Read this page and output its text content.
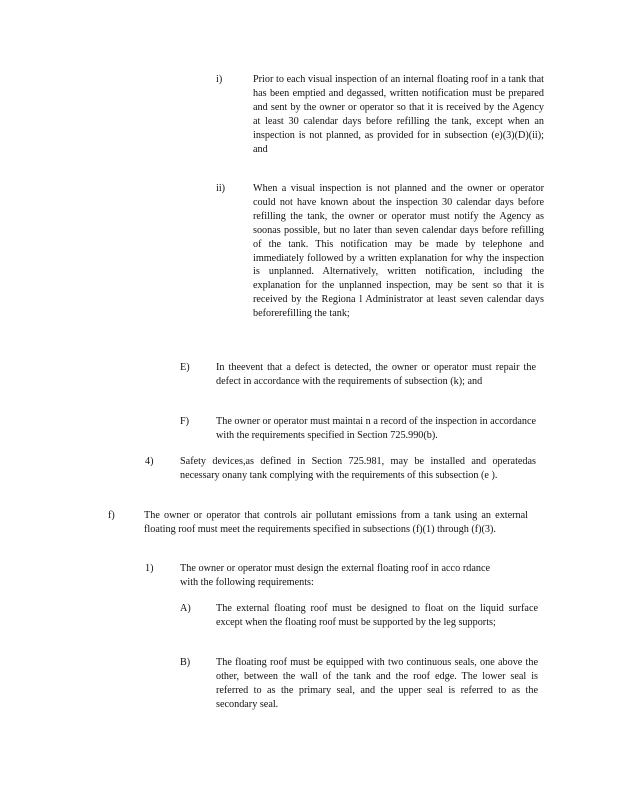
i)	Prior to each visual inspection of an internal floating roof in a tank that has been emptied and degassed, written notification must be prepared and sent by the owner or operator so that it is received by the Agency at least 30 calendar days before refilling the tank, except when an inspection is not planned, as provided for in subsection (e)(3)(D)(ii); and
ii)	When a visual inspection is not planned and the owner or operator could not have known about the inspection 30 calendar days before refilling the tank, the owner or operator must notify the Agency as soonas possible, but no later than seven calendar days before refilling of the tank. This notification may be made by telephone and immediately followed by a written explanation for why the inspection is unplanned. Alternatively, written notification, including the explanation for the unplanned inspection, may be sent so that it is received by the Regiona l Administrator at least seven calendar days beforerefilling the tank;
E)	In theevent that a defect is detected, the owner or operator must repair the defect in accordance with the requirements of subsection (k); and
F)	The owner or operator must maintai n a record of the inspection in accordance with the requirements specified in Section 725.990(b).
4)	Safety devices,as defined in Section 725.981, may be installed and operatedas necessary onany tank complying with the requirements of this subsection (e ).
f)	The owner or operator that controls air pollutant emissions from a tank using an external floating roof must meet the requirements specified in subsections (f)(1) through (f)(3).
1)	The owner or operator must design the external floating roof in acco rdance with the following requirements:
A) The external floating roof must be designed to float on the liquid surface except when the floating roof must be supported by the leg supports;
B)	The floating roof must be equipped with two continuous seals, one above the other, between the wall of the tank and the roof edge. The lower seal is referred to as the primary seal, and the upper seal is referred to as the secondary seal.
